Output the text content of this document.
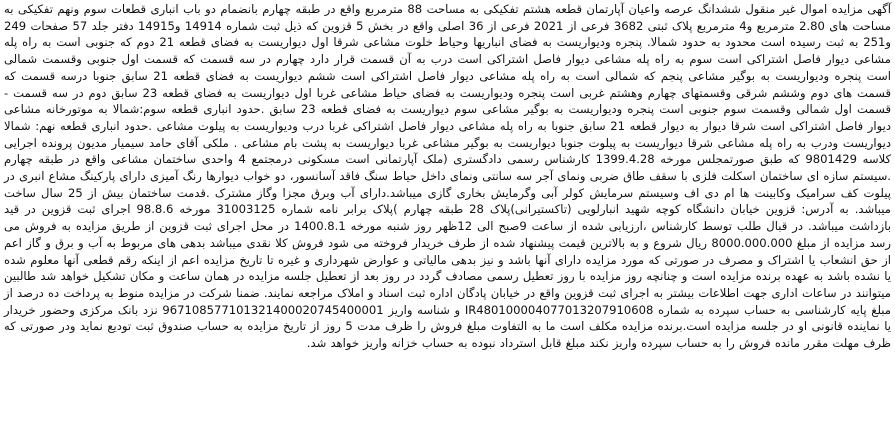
آگهی مزایده اموال غیر منقول ششدانگ عرصه واعیان آپارتمان قطعه هشتم تفکیکی به مساحت 88 مترمربع واقع در طبقه چهارم بانضمام دو باب انباری قطعات سوم ونهم تفکیکی به مساحت های 2.80 مترمربع و4 مترمربع پلاک ثبتی 3682 فرعی از 2021 فرعی از 36 اصلی واقع در بخش 5 قزوین که ذیل ثبت شماره 14914 و14915 دفتر جلد 57 صفحات 249 و251 به ثبت رسیده است محدود به حدود شمالا. پنجره ودیواریست به فضای انباریها وحیاط خلوت مشاعی شرقا اول دیواریست به فضای قطعه 21 دوم که جنوبی است به راه پله مشاعی دیوار فاصل اشتراکی است سوم به راه پله مشاعی دیوار فاصل اشتراکی است درب به آن قسمت قرار دارد چهارم در سه قسمت که قسمت اول جنوبی وقسمت شمالی است پنجره ودیواریست به بوگیر مشاعی پنجم که شمالی است به راه پله مشاعی دیوار فاصل اشتراکی است ششم دیواریست به فضای قطعه 21 سابق جنوبا درسه قسمت که قسمت های دوم وششم شرقی وقسمتهای چهارم وهشتم غربی است پنجره ودیواریست به فضای حیاط مشاعی غربا اول دیواریست به فضای قطعه 23 سابق دوم در سه قسمت - قسمت اول شمالی وقسمت سوم جنوبی است پنجره ودیواریست به بوگیر مشاعی سوم دیواریست به فضای قطعه 23 سابق .حدود انباری قطعه سوم:شمالا به موتورخانه مشاعی دیوار فاصل اشتراکی است شرقا دیوار به دیوار قطعه 21 سابق جنوبا به راه پله مشاعی دیوار فاصل اشتراکی غربا درب ودیواریست به پیلوت مشاعی .حدود انباری قطعه نهم: شمالا دیواریست ودرب به راه پله مشاعی شرقا دیواریست به پیلوت جنوبا دیواریست به بوگیر مشاعی غربا دیواریست به پشت بام مشاعی . ملکی آقای حامد سیمیار مدیون پرونده اجرایی کلاسه 9801429 که طبق صورتمجلس مورخه 1399.4.28 کارشناس رسمی دادگستری (ملک آپارتمانی است مسکونی درمجتمع 4 واحدی ساختمان مشاعی واقع در طبقه چهارم .سیستم سازه ای ساختمان اسکلت فلزی با سقف طاق ضربی ونمای آجر سه سانتی ونمای داخل حیاط سنگ فاقد آسانسور، دو خواب دیوارها رنگ آمیزی دارای پارکینگ مشاع انبری در پیلوت کف سرامیک وکابینت ها ام دی اف وسیستم سرمایش کولر آبی وگرمایش بخاری گازی میباشد.دارای آب وبرق مجزا وگاز مشترک .قدمت ساختمان بیش از 25 سال ساخت میباشد. به آدرس: قزوین خیابان دانشگاه کوچه شهید انبارلویی (تاکستیرانی)پلاک 28 طبقه چهارم )پلاک برابر نامه شماره 31003125 مورخه 98.8.6 اجرای ثبت قزوین در قید بازداشت میباشد. در قبال طلب توسط کارشناس ،ارزیابی شده از ساعت 9صبح الی 12ظهر روز شنبه مورخه 1400.8.1 در محل اجرای ثبت قزوین از طریق مزایده به فروش می رسد مزایده از مبلغ 8000.000.000 ریال شروع و به بالاترین قیمت پیشنهاد شده از طرف خریدار فروخته می شود فروش کلا نقدی میباشد بدهی های مربوط به آب و برق و گاز اعم از حق انشعاب یا اشتراک و مصرف در صورتی که مورد مزایده دارای آنها باشد و نیز بدهی مالیاتی و عوارض شهرداری و غیره تا تاریخ مزایده اعم از اینکه رقم قطعی آنها معلوم شده یا نشده باشد به عهده برنده مزایده است و چنانچه روز مزایده با روز تعطیل رسمی مصادف گردد در روز بعد از تعطیل جلسه مزایده در همان ساعت و مکان تشکیل خواهد شد طالبین میتوانند در ساعات اداری جهت اطلاعات بیشتر به اجرای ثبت قزوین واقع در خیابان پادگان اداره ثبت اسناد و املاک مراجعه نمایند. ضمنا شرکت در مزایده منوط به پرداخت ده درصد از مبلغ پایه کارشناسی به حساب سپرده به شماره IR480100004077013207910608 و شناسه واریز 967108577101321400020745400001 نزد بانک مرکزی وحضور خریدار یا نماینده قانونی او در جلسه مزایده است.برنده مزایده مکلف است ما به التفاوت مبلغ فروش را ظرف مدت 5 روز از تاریخ مزایده به حساب صندوق ثبت تودیع نماید ودر صورتی که ظرف مهلت مقرر مانده فروش را به حساب سپرده واریز نکند مبلغ قابل استرداد نبوده به حساب خزانه واریز خواهد شد.
